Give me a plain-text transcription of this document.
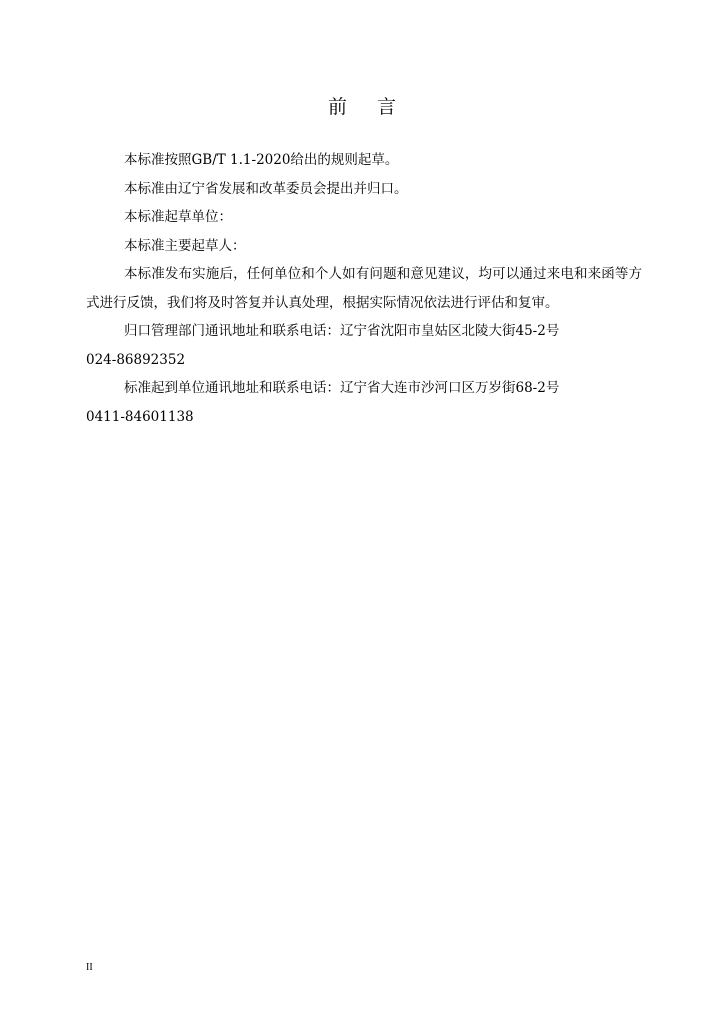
前 言

本标准按照GB/T 1.1-2020给出的规则起草。

本标准由辽宁省发展和改革委员会提出并归口。

本标准起草单位：

本标准主要起草人：

本标准发布实施后，任何单位和个人如有问题和意见建议，均可以通过来电和来函等方式进行反馈，我们将及时答复并认真处理，根据实际情况依法进行评估和复审。

归口管理部门通讯地址和联系电话：辽宁省沈阳市皇姑区北陵大街45-2号
024-86892352

标准起到单位通讯地址和联系电话：辽宁省大连市沙河口区万岁街68-2号
0411-84601138

II
